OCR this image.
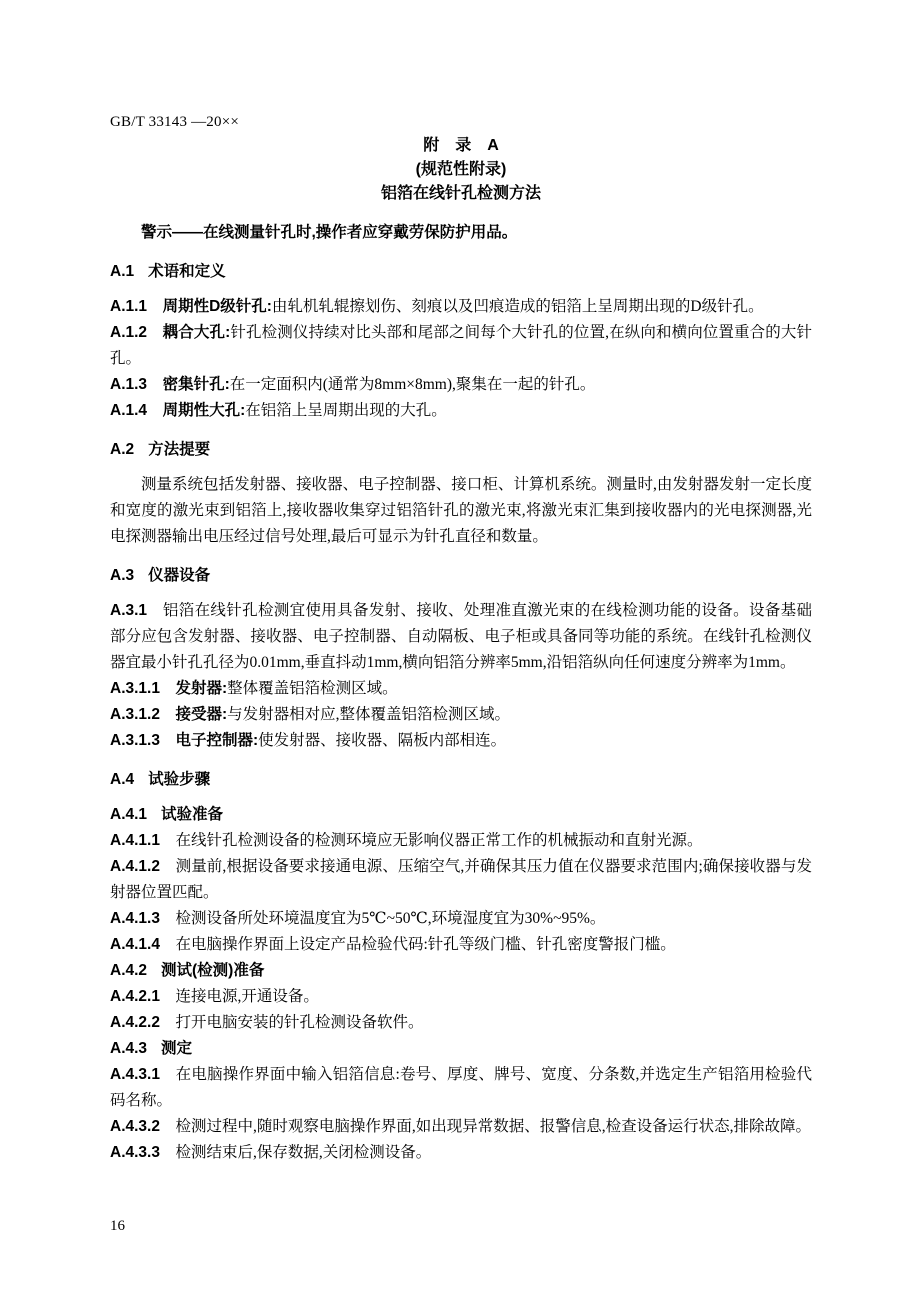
GB/T 33143 —20××
附　录　A
(规范性附录)
铝箔在线针孔检测方法

警示——在线测量针孔时,操作者应穿戴劳保防护用品。

A.1 术语和定义

A.1.1 周期性D级针孔:由轧机轧辊擦划伤、刻痕以及凹痕造成的铝箔上呈周期出现的D级针孔。

A.1.2 耦合大孔:针孔检测仪持续对比头部和尾部之间每个大针孔的位置,在纵向和横向位置重合的大针孔。

A.1.3 密集针孔:在一定面积内(通常为8mm×8mm),聚集在一起的针孔。

A.1.4 周期性大孔:在铝箔上呈周期出现的大孔。

A.2 方法提要

测量系统包括发射器、接收器、电子控制器、接口柜、计算机系统。测量时,由发射器发射一定长度和宽度的激光束到铝箔上,接收器收集穿过铝箔针孔的激光束,将激光束汇集到接收器内的光电探测器,光电探测器输出电压经过信号处理,最后可显示为针孔直径和数量。

A.3 仪器设备

A.3.1 铝箔在线针孔检测宜使用具备发射、接收、处理准直激光束的在线检测功能的设备。设备基础部分应包含发射器、接收器、电子控制器、自动隔板、电子柜或具备同等功能的系统。在线针孔检测仪器宜最小针孔孔径为0.01mm,垂直抖动1mm,横向铝箔分辨率5mm,沿铝箔纵向任何速度分辨率为1mm。

A.3.1.1 发射器:整体覆盖铝箔检测区域。

A.3.1.2 接受器:与发射器相对应,整体覆盖铝箔检测区域。

A.3.1.3 电子控制器:使发射器、接收器、隔板内部相连。

A.4 试验步骤
A.4.1 试验准备

A.4.1.1 在线针孔检测设备的检测环境应无影响仪器正常工作的机械振动和直射光源。

A.4.1.2 测量前,根据设备要求接通电源、压缩空气,并确保其压力值在仪器要求范围内;确保接收器与发射器位置匹配。

A.4.1.3 检测设备所处环境温度宜为5℃~50℃,环境湿度宜为30%~95%。

A.4.1.4 在电脑操作界面上设定产品检验代码:针孔等级门槛、针孔密度警报门槛。

A.4.2 测试(检测)准备

A.4.2.1 连接电源,开通设备。

A.4.2.2 打开电脑安装的针孔检测设备软件。

A.4.3 测定

A.4.3.1 在电脑操作界面中输入铝箔信息:卷号、厚度、牌号、宽度、分条数,并选定生产铝箔用检验代码名称。

A.4.3.2 检测过程中,随时观察电脑操作界面,如出现异常数据、报警信息,检查设备运行状态,排除故障。

A.4.3.3 检测结束后,保存数据,关闭检测设备。

16
